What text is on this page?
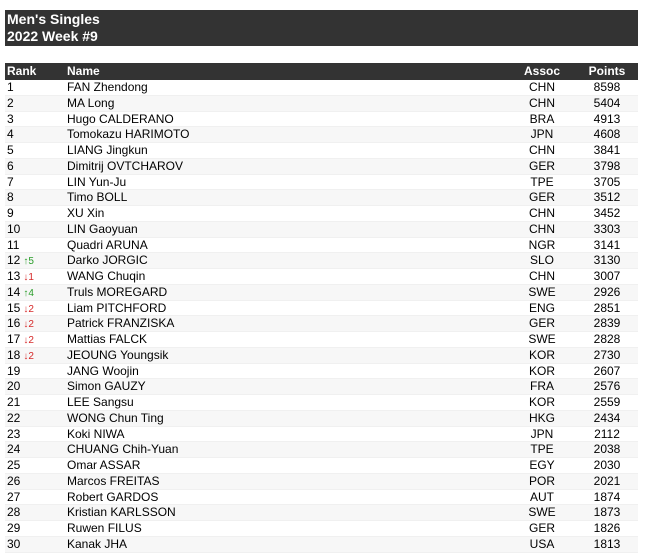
Men's Singles
2022 Week #9
Rank	Name	Assoc	Points
1	FAN Zhendong	CHN	8598
2	MA Long	CHN	5404
3	Hugo CALDERANO	BRA	4913
4	Tomokazu HARIMOTO	JPN	4608
5	LIANG Jingkun	CHN	3841
6	Dimitrij OVTCHAROV	GER	3798
7	LIN Yun-Ju	TPE	3705
8	Timo BOLL	GER	3512
9	XU Xin	CHN	3452
10	LIN Gaoyuan	CHN	3303
11	Quadri ARUNA	NGR	3141
12 ↑5	Darko JORGIC	SLO	3130
13 ↓1	WANG Chuqin	CHN	3007
14 ↑4	Truls MOREGARD	SWE	2926
15 ↓2	Liam PITCHFORD	ENG	2851
16 ↓2	Patrick FRANZISKA	GER	2839
17 ↓2	Mattias FALCK	SWE	2828
18 ↓2	JEOUNG Youngsik	KOR	2730
19	JANG Woojin	KOR	2607
20	Simon GAUZY	FRA	2576
21	LEE Sangsu	KOR	2559
22	WONG Chun Ting	HKG	2434
23	Koki NIWA	JPN	2112
24	CHUANG Chih-Yuan	TPE	2038
25	Omar ASSAR	EGY	2030
26	Marcos FREITAS	POR	2021
27	Robert GARDOS	AUT	1874
28	Kristian KARLSSON	SWE	1873
29	Ruwen FILUS	GER	1826
30	Kanak JHA	USA	1813
